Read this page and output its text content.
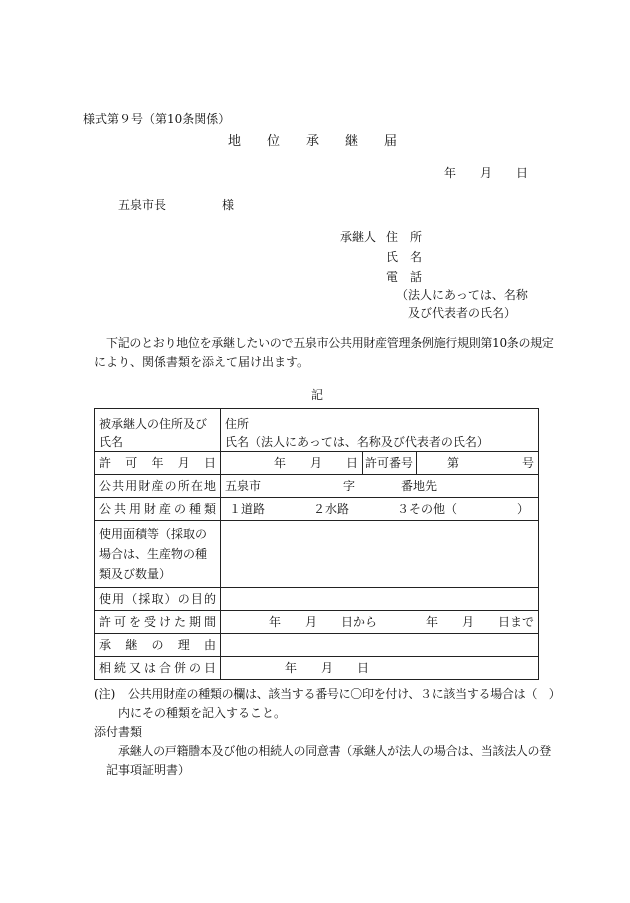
様式第９号（第10条関係）
地　　位　　承　　継　　届
年　　月　　日
五泉市長	様
承継人 住　所
氏　名
電　話
（法人にあっては、名称
及び代表者の氏名）
下記のとおり地位を承継したいので五泉市公共用財産管理条例施行規則第10条の規定
により、関係書類を添えて届け出ます。
記
被承継人の住所及び氏名	住所
氏名（法人にあっては、名称及び代表者の氏名）		

許　可　年　月　日	年　　月　　日	許可番号	第 号

公共用財産の所在地	五泉市 字 番地先		

公共用財産の種類	１道路 ２水路 ３その他（　　　　　）		

使用面積等（採取の場合は、生産物の種類及び数量）			

使用（採取）の目的			

許可を受けた期間	年　　月　　日から 年　　月　　日まで		

承　継　の　理　由			

相続又は合併の日	年　　月　　日		
(注) 公共用財産の種類の欄は、該当する番号に〇印を付け、３に該当する場合は（　）
内にその種類を記入すること。
添付書類
承継人の戸籍謄本及び他の相続人の同意書（承継人が法人の場合は、当該法人の登
記事項証明書）
